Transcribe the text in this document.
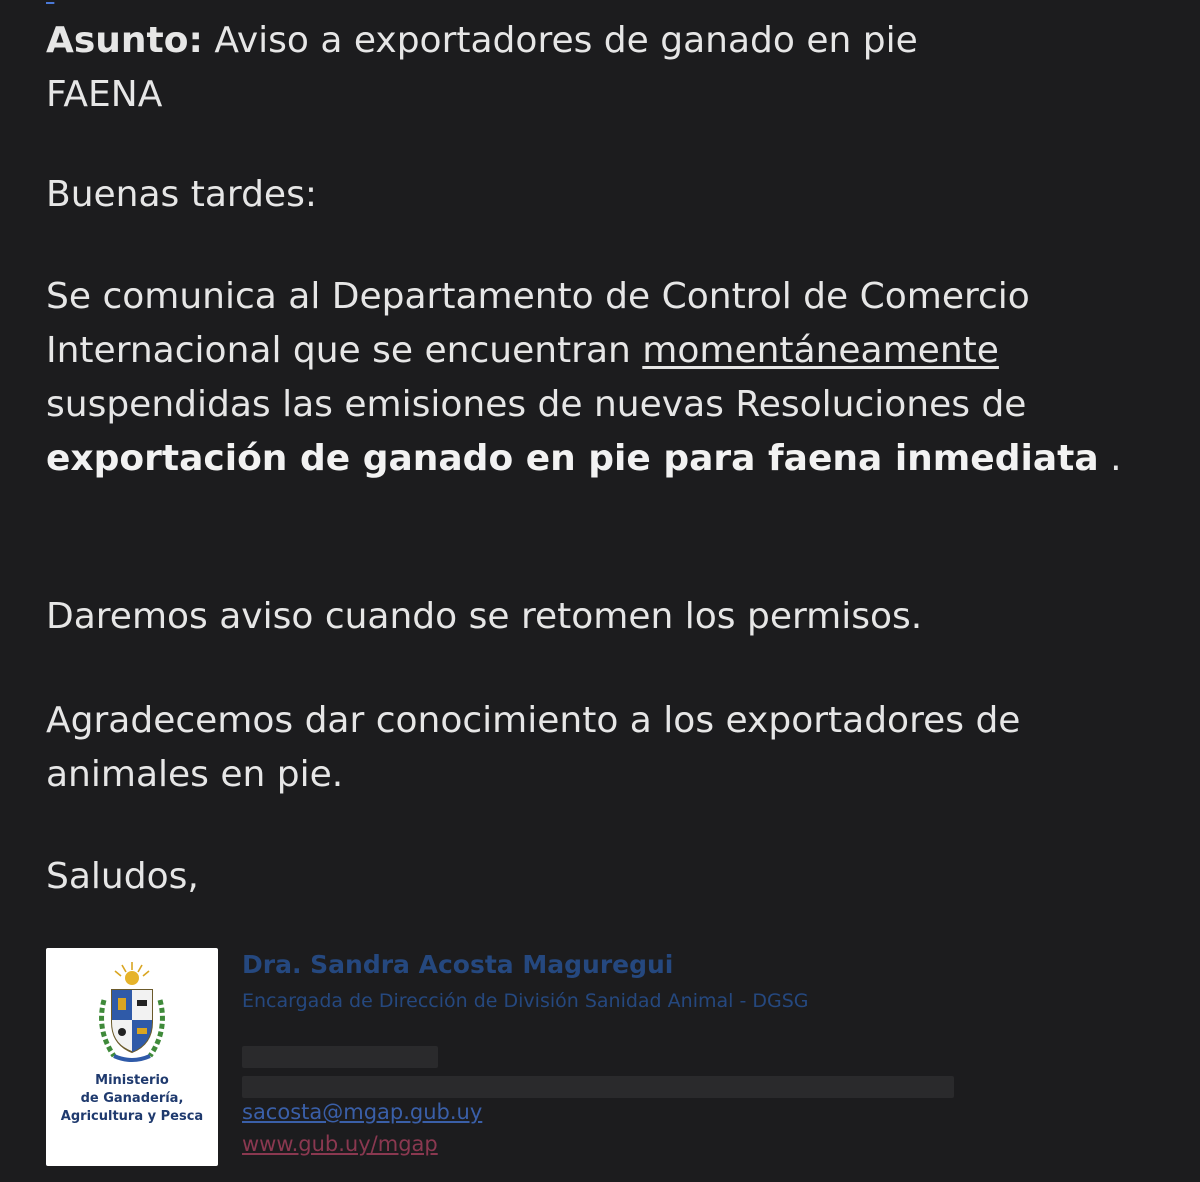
Asunto: Aviso a exportadores de ganado en pie
FAENA

Buenas tardes:

Se comunica al Departamento de Control de Comercio Internacional que se encuentran momentáneamente suspendidas las emisiones de nuevas Resoluciones de exportación de ganado en pie para faena inmediata .

Daremos aviso cuando se retomen los permisos.

Agradecemos dar conocimiento a los exportadores de animales en pie.

Saludos,

Ministerio
de Ganadería,
Agricultura y Pesca
Dra. Sandra Acosta Maguregui
Encargada de Dirección de División Sanidad Animal - DGSG
sacosta@mgap.gub.uy
www.gub.uy/mgap
